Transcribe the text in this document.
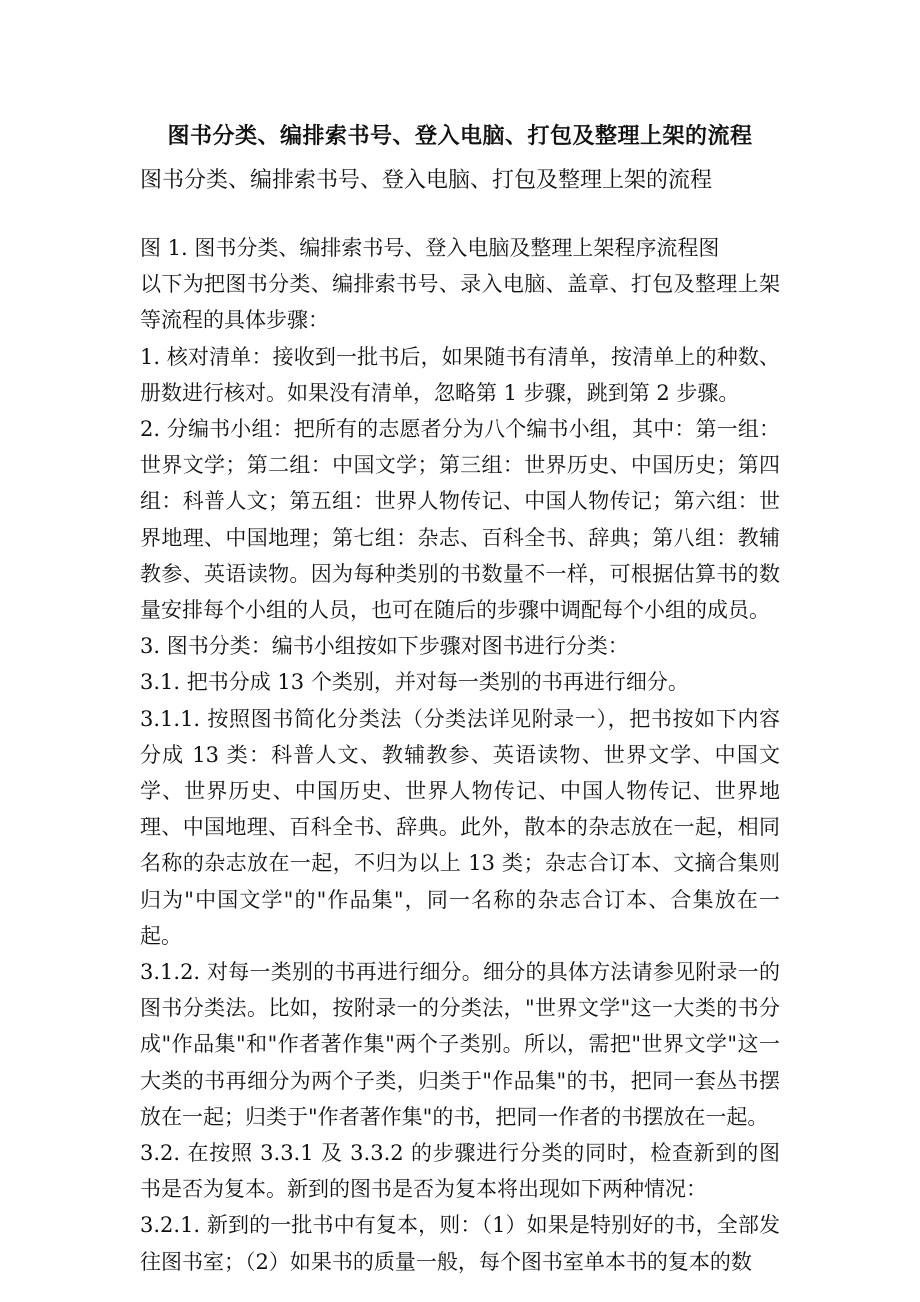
图书分类、编排索书号、登入电脑、打包及整理上架的流程
图书分类、编排索书号、登入电脑、打包及整理上架的流程

图 1. 图书分类、编排索书号、登入电脑及整理上架程序流程图

以下为把图书分类、编排索书号、录入电脑、盖章、打包及整理上架等流程的具体步骤：

1. 核对清单：接收到一批书后，如果随书有清单，按清单上的种数、册数进行核对。如果没有清单，忽略第 1 步骤，跳到第 2 步骤。

2. 分编书小组：把所有的志愿者分为八个编书小组，其中：第一组：世界文学；第二组：中国文学；第三组：世界历史、中国历史；第四组：科普人文；第五组：世界人物传记、中国人物传记；第六组：世界地理、中国地理；第七组：杂志、百科全书、辞典；第八组：教辅教参、英语读物。因为每种类别的书数量不一样，可根据估算书的数量安排每个小组的人员，也可在随后的步骤中调配每个小组的成员。

3. 图书分类：编书小组按如下步骤对图书进行分类：

3.1. 把书分成 13 个类别，并对每一类别的书再进行细分。

3.1.1. 按照图书简化分类法（分类法详见附录一），把书按如下内容分成 13 类：科普人文、教辅教参、英语读物、世界文学、中国文学、世界历史、中国历史、世界人物传记、中国人物传记、世界地理、中国地理、百科全书、辞典。此外，散本的杂志放在一起，相同名称的杂志放在一起，不归为以上 13 类；杂志合订本、文摘合集则归为"中国文学"的"作品集"，同一名称的杂志合订本、合集放在一起。

3.1.2. 对每一类别的书再进行细分。细分的具体方法请参见附录一的图书分类法。比如，按附录一的分类法，"世界文学"这一大类的书分成"作品集"和"作者著作集"两个子类别。所以，需把"世界文学"这一大类的书再细分为两个子类，归类于"作品集"的书，把同一套丛书摆放在一起；归类于"作者著作集"的书，把同一作者的书摆放在一起。

3.2. 在按照 3.3.1 及 3.3.2 的步骤进行分类的同时，检查新到的图书是否为复本。新到的图书是否为复本将出现如下两种情况：

3.2.1. 新到的一批书中有复本，则：（1）如果是特别好的书，全部发往图书室；（2）如果书的质量一般，每个图书室单本书的复本的数
